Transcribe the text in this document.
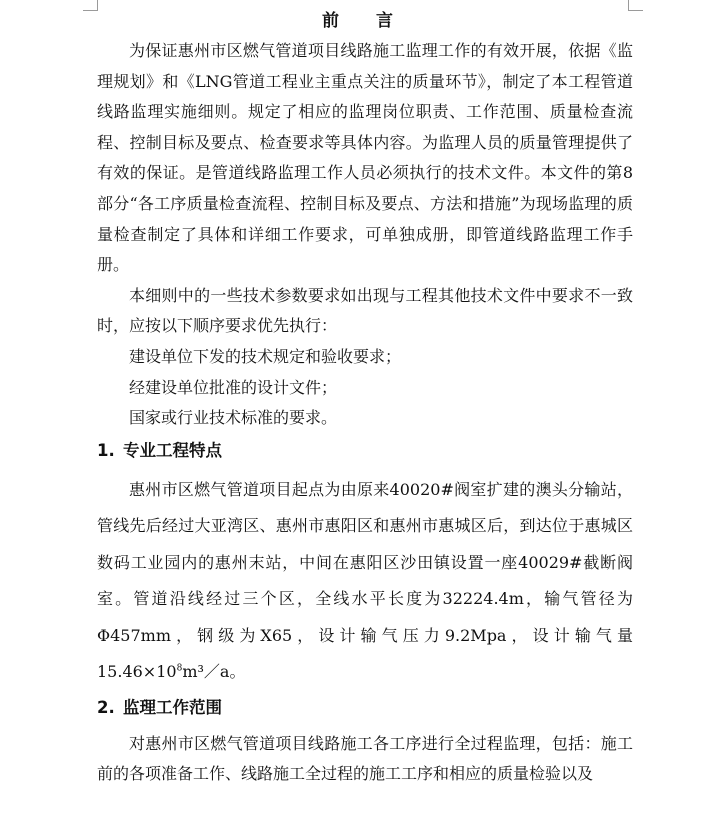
前 言

为保证惠州市区燃气管道项目线路施工监理工作的有效开展，依据《监理规划》和《LNG管道工程业主重点关注的质量环节》，制定了本工程管道线路监理实施细则。规定了相应的监理岗位职责、工作范围、质量检查流程、控制目标及要点、检查要求等具体内容。为监理人员的质量管理提供了有效的保证。是管道线路监理工作人员必须执行的技术文件。本文件的第8部分“各工序质量检查流程、控制目标及要点、方法和措施”为现场监理的质量检查制定了具体和详细工作要求，可单独成册，即管道线路监理工作手册。

本细则中的一些技术参数要求如出现与工程其他技术文件中要求不一致时，应按以下顺序要求优先执行：

建设单位下发的技术规定和验收要求；

经建设单位批准的设计文件；

国家或行业技术标准的要求。

1. 专业工程特点

惠州市区燃气管道项目起点为由原来40020#阀室扩建的澳头分输站，管线先后经过大亚湾区、惠州市惠阳区和惠州市惠城区后，到达位于惠城区数码工业园内的惠州末站，中间在惠阳区沙田镇设置一座40029#截断阀室。管道沿线经过三个区，全线水平长度为32224.4m，输气管径为Φ457mm，钢级为X65，设计输气压力9.2Mpa，设计输气量$15.46\times 10^8m^3/a$。

2. 监理工作范围

对惠州市区燃气管道项目线路施工各工序进行全过程监理，包括：施工前的各项准备工作、线路施工全过程的施工工序和相应的质量检验以及
